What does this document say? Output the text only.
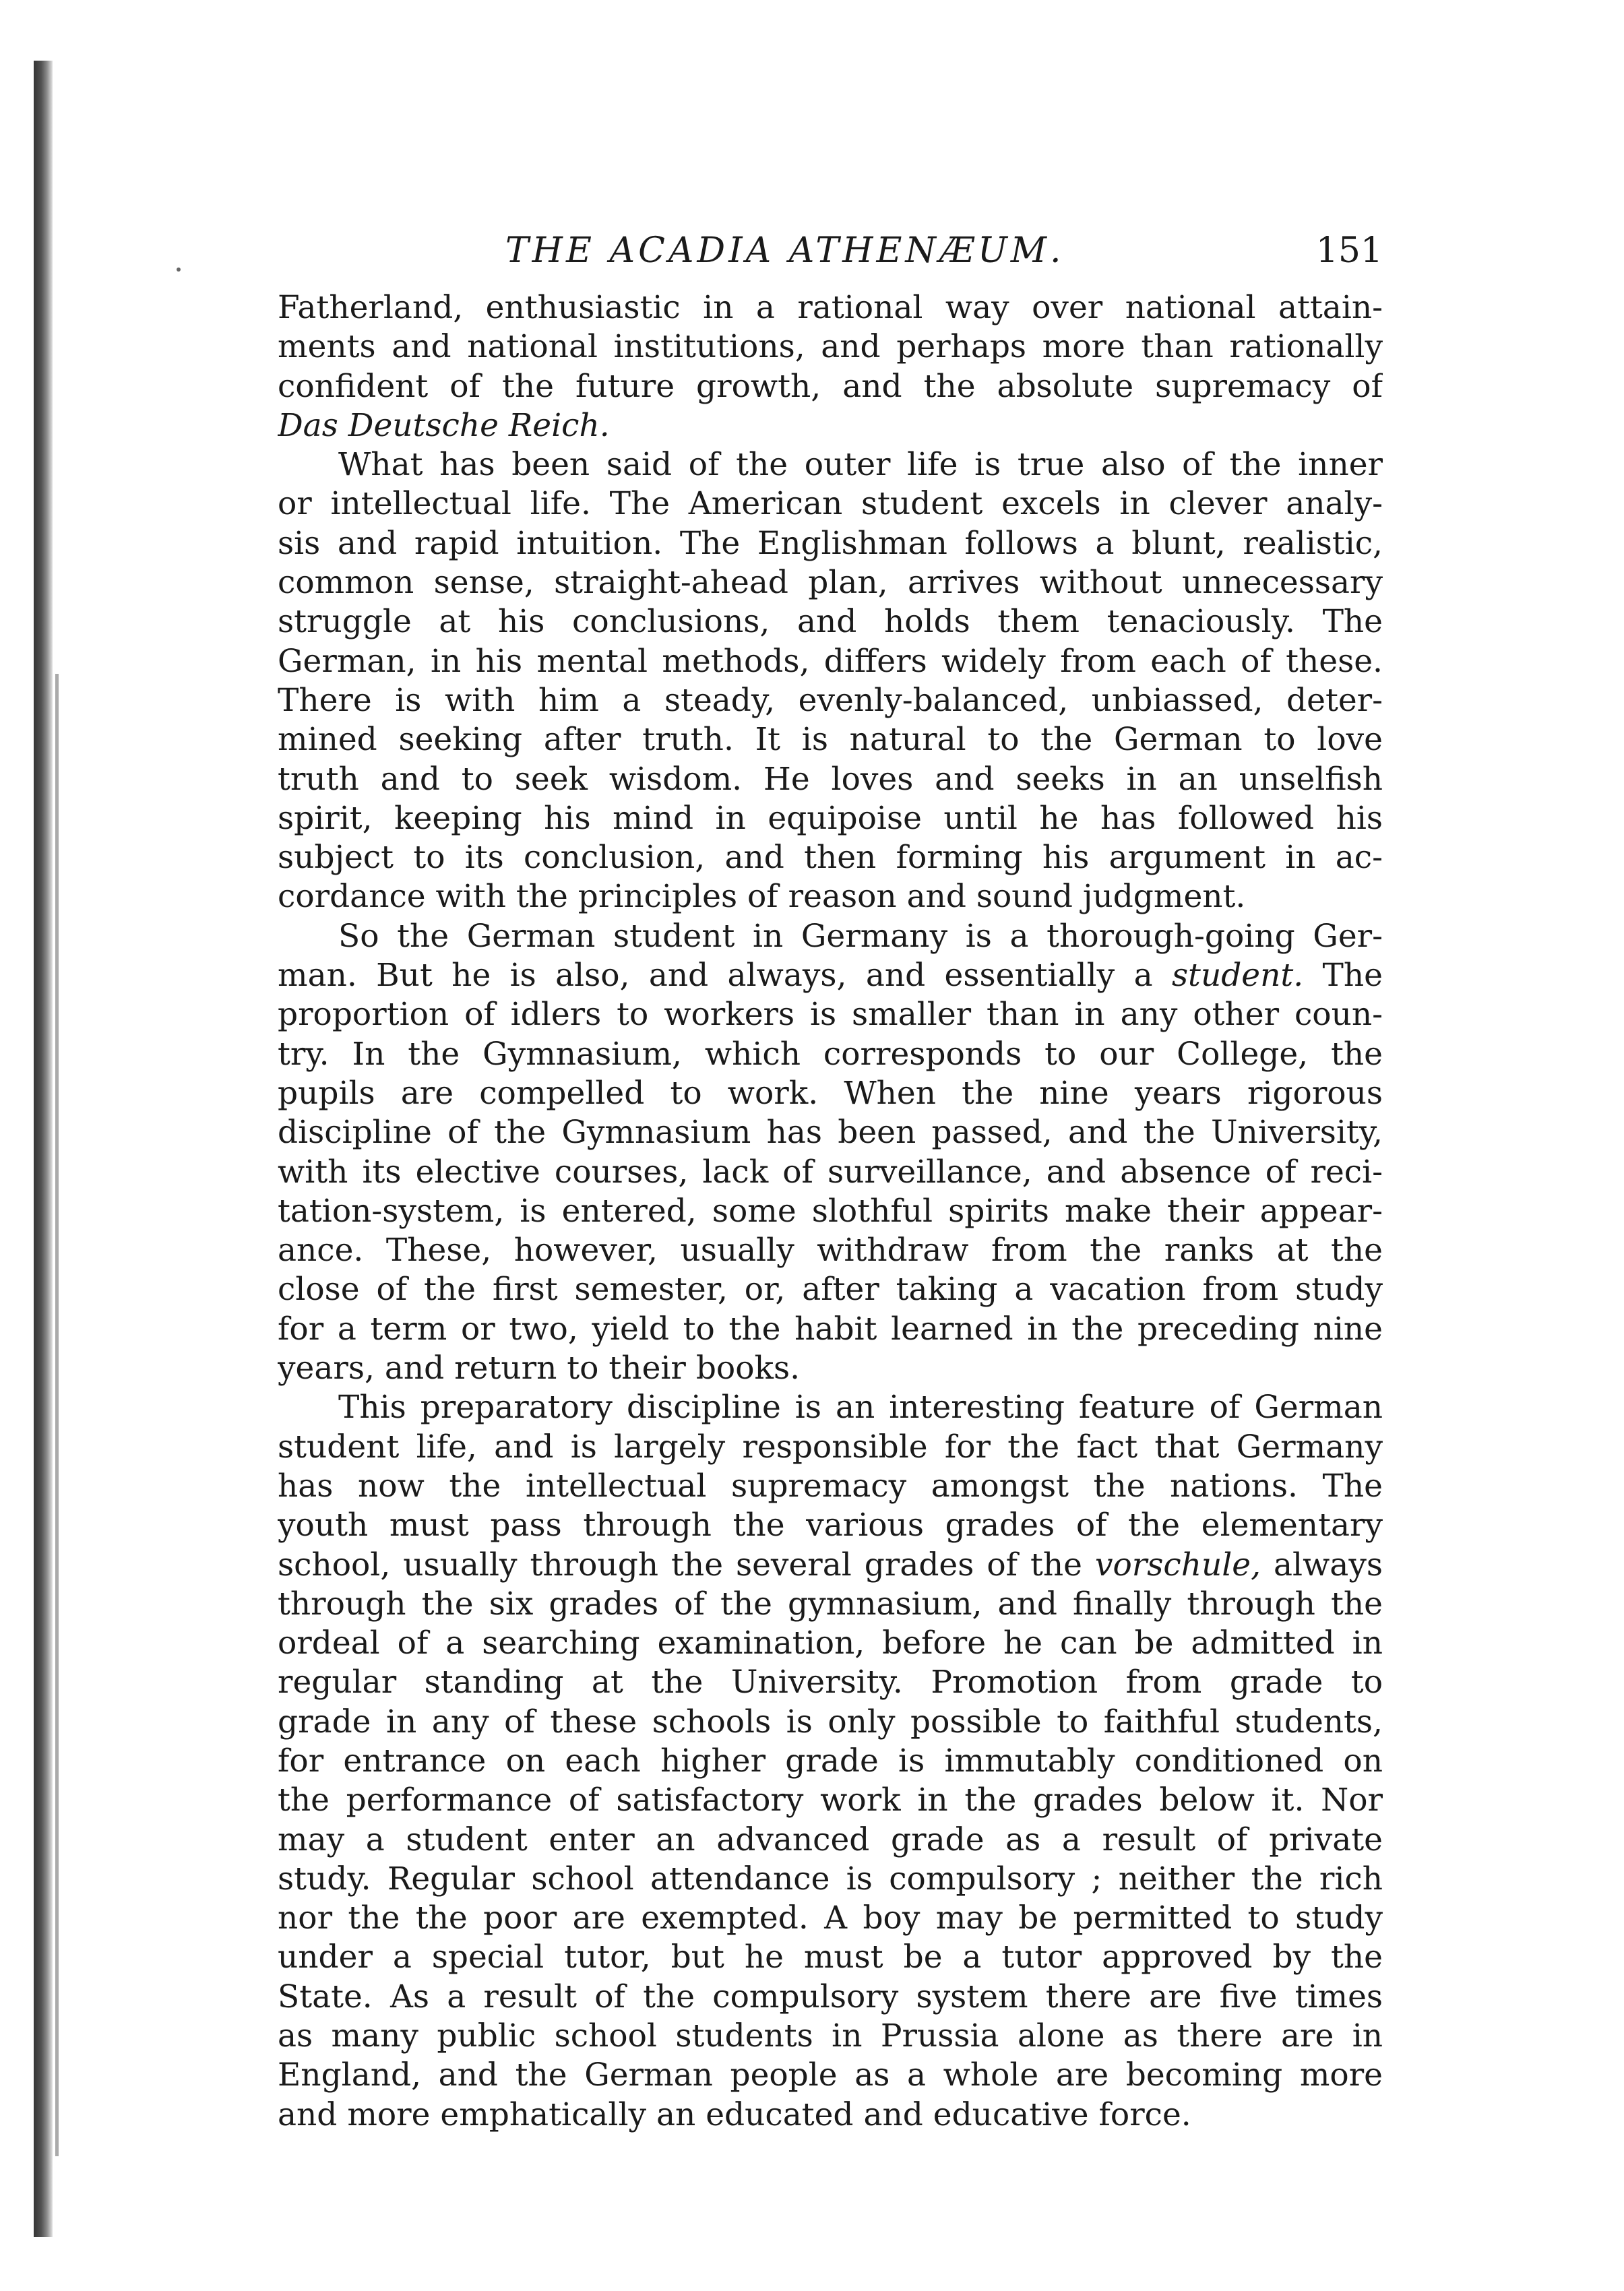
THE ACADIA ATHENÆUM.	151
Fatherland, enthusiastic in a rational way over national attain-
ments and national institutions, and perhaps more than rationally
confident of the future growth, and the absolute supremacy of
Das Deutsche Reich.
What has been said of the outer life is true also of the inner
or intellectual life. The American student excels in clever analy-
sis and rapid intuition. The Englishman follows a blunt, realistic,
common sense, straight-ahead plan, arrives without unnecessary
struggle at his conclusions, and holds them tenaciously. The
German, in his mental methods, differs widely from each of these.
There is with him a steady, evenly-balanced, unbiassed, deter-
mined seeking after truth. It is natural to the German to love
truth and to seek wisdom. He loves and seeks in an unselfish
spirit, keeping his mind in equipoise until he has followed his
subject to its conclusion, and then forming his argument in ac-
cordance with the principles of reason and sound judgment.
So the German student in Germany is a thorough-going Ger-
man. But he is also, and always, and essentially a student. The
proportion of idlers to workers is smaller than in any other coun-
try. In the Gymnasium, which corresponds to our College, the
pupils are compelled to work. When the nine years rigorous
discipline of the Gymnasium has been passed, and the University,
with its elective courses, lack of surveillance, and absence of reci-
tation-system, is entered, some slothful spirits make their appear-
ance. These, however, usually withdraw from the ranks at the
close of the first semester, or, after taking a vacation from study
for a term or two, yield to the habit learned in the preceding nine
years, and return to their books.
This preparatory discipline is an interesting feature of German
student life, and is largely responsible for the fact that Germany
has now the intellectual supremacy amongst the nations. The
youth must pass through the various grades of the elementary
school, usually through the several grades of the vorschule, always
through the six grades of the gymnasium, and finally through the
ordeal of a searching examination, before he can be admitted in
regular standing at the University. Promotion from grade to
grade in any of these schools is only possible to faithful students,
for entrance on each higher grade is immutably conditioned on
the performance of satisfactory work in the grades below it. Nor
may a student enter an advanced grade as a result of private
study. Regular school attendance is compulsory ; neither the rich
nor the the poor are exempted. A boy may be permitted to study
under a special tutor, but he must be a tutor approved by the
State. As a result of the compulsory system there are five times
as many public school students in Prussia alone as there are in
England, and the German people as a whole are becoming more
and more emphatically an educated and educative force.
